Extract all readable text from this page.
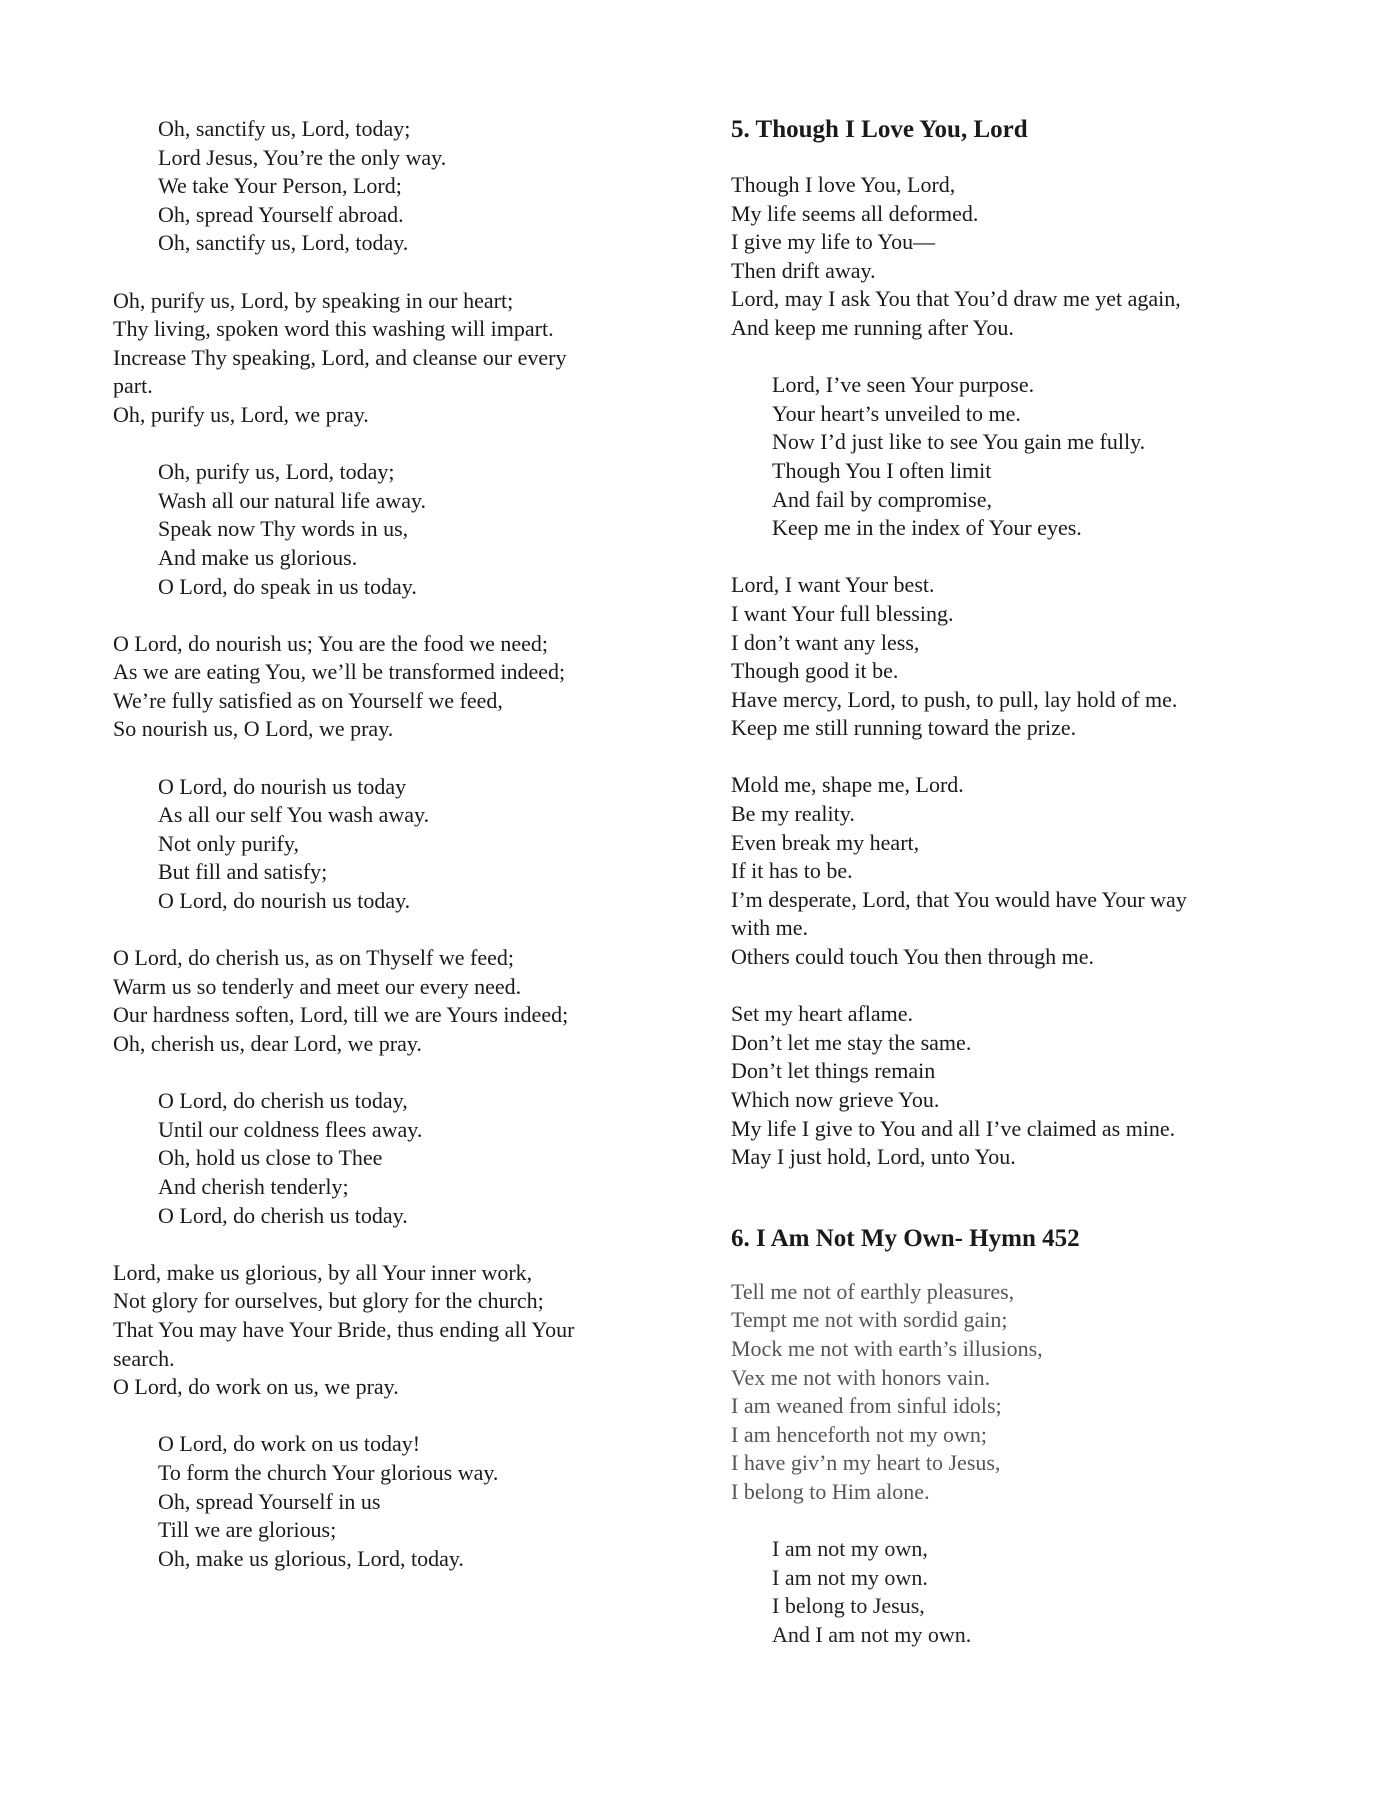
Oh, sanctify us, Lord, today;
Lord Jesus, You’re the only way.
We take Your Person, Lord;
Oh, spread Yourself abroad.
Oh, sanctify us, Lord, today.
Oh, purify us, Lord, by speaking in our heart;
Thy living, spoken word this washing will impart.
Increase Thy speaking, Lord, and cleanse our every
part.
Oh, purify us, Lord, we pray.
Oh, purify us, Lord, today;
Wash all our natural life away.
Speak now Thy words in us,
And make us glorious.
O Lord, do speak in us today.
O Lord, do nourish us; You are the food we need;
As we are eating You, we’ll be transformed indeed;
We’re fully satisfied as on Yourself we feed,
So nourish us, O Lord, we pray.
O Lord, do nourish us today
As all our self You wash away.
Not only purify,
But fill and satisfy;
O Lord, do nourish us today.
O Lord, do cherish us, as on Thyself we feed;
Warm us so tenderly and meet our every need.
Our hardness soften, Lord, till we are Yours indeed;
Oh, cherish us, dear Lord, we pray.
O Lord, do cherish us today,
Until our coldness flees away.
Oh, hold us close to Thee
And cherish tenderly;
O Lord, do cherish us today.
Lord, make us glorious, by all Your inner work,
Not glory for ourselves, but glory for the church;
That You may have Your Bride, thus ending all Your
search.
O Lord, do work on us, we pray.
O Lord, do work on us today!
To form the church Your glorious way.
Oh, spread Yourself in us
Till we are glorious;
Oh, make us glorious, Lord, today.
5. Though I Love You, Lord
Though I love You, Lord,
My life seems all deformed.
I give my life to You—
Then drift away.
Lord, may I ask You that You’d draw me yet again,
And keep me running after You.
Lord, I’ve seen Your purpose.
Your heart’s unveiled to me.
Now I’d just like to see You gain me fully.
Though You I often limit
And fail by compromise,
Keep me in the index of Your eyes.
Lord, I want Your best.
I want Your full blessing.
I don’t want any less,
Though good it be.
Have mercy, Lord, to push, to pull, lay hold of me.
Keep me still running toward the prize.
Mold me, shape me, Lord.
Be my reality.
Even break my heart,
If it has to be.
I’m desperate, Lord, that You would have Your way
with me.
Others could touch You then through me.
Set my heart aflame.
Don’t let me stay the same.
Don’t let things remain
Which now grieve You.
My life I give to You and all I’ve claimed as mine.
May I just hold, Lord, unto You.
6. I Am Not My Own- Hymn 452
Tell me not of earthly pleasures,
Tempt me not with sordid gain;
Mock me not with earth’s illusions,
Vex me not with honors vain.
I am weaned from sinful idols;
I am henceforth not my own;
I have giv’n my heart to Jesus,
I belong to Him alone.
I am not my own,
I am not my own.
I belong to Jesus,
And I am not my own.
